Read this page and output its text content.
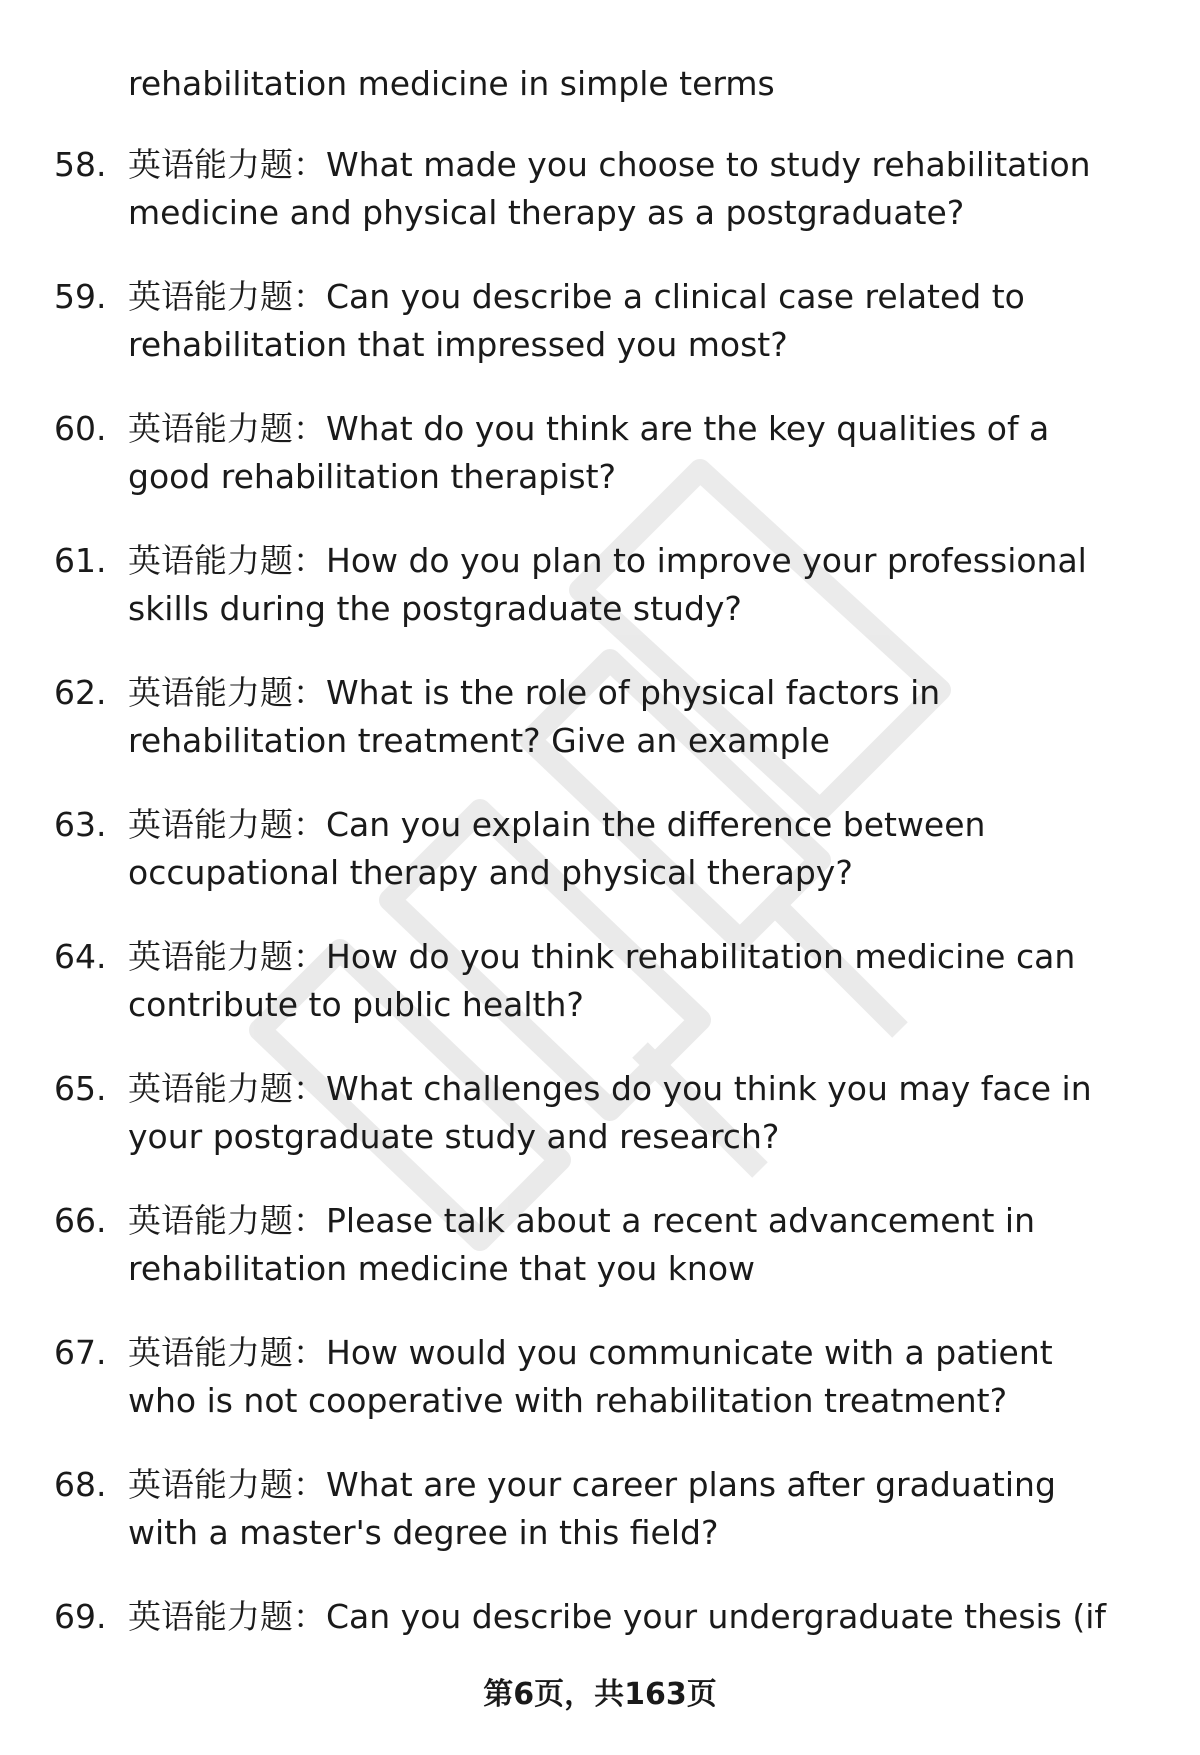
rehabilitation medicine in simple terms
58. 英语能力题：What made you choose to study rehabilitation
medicine and physical therapy as a postgraduate?
59. 英语能力题：Can you describe a clinical case related to
rehabilitation that impressed you most?
60. 英语能力题：What do you think are the key qualities of a
good rehabilitation therapist?
61. 英语能力题：How do you plan to improve your professional
skills during the postgraduate study?
62. 英语能力题：What is the role of physical factors in
rehabilitation treatment? Give an example
63. 英语能力题：Can you explain the difference between
occupational therapy and physical therapy?
64. 英语能力题：How do you think rehabilitation medicine can
contribute to public health?
65. 英语能力题：What challenges do you think you may face in
your postgraduate study and research?
66. 英语能力题：Please talk about a recent advancement in
rehabilitation medicine that you know
67. 英语能力题：How would you communicate with a patient
who is not cooperative with rehabilitation treatment?
68. 英语能力题：What are your career plans after graduating
with a master's degree in this field?
69. 英语能力题：Can you describe your undergraduate thesis (if
第6页，共163页
